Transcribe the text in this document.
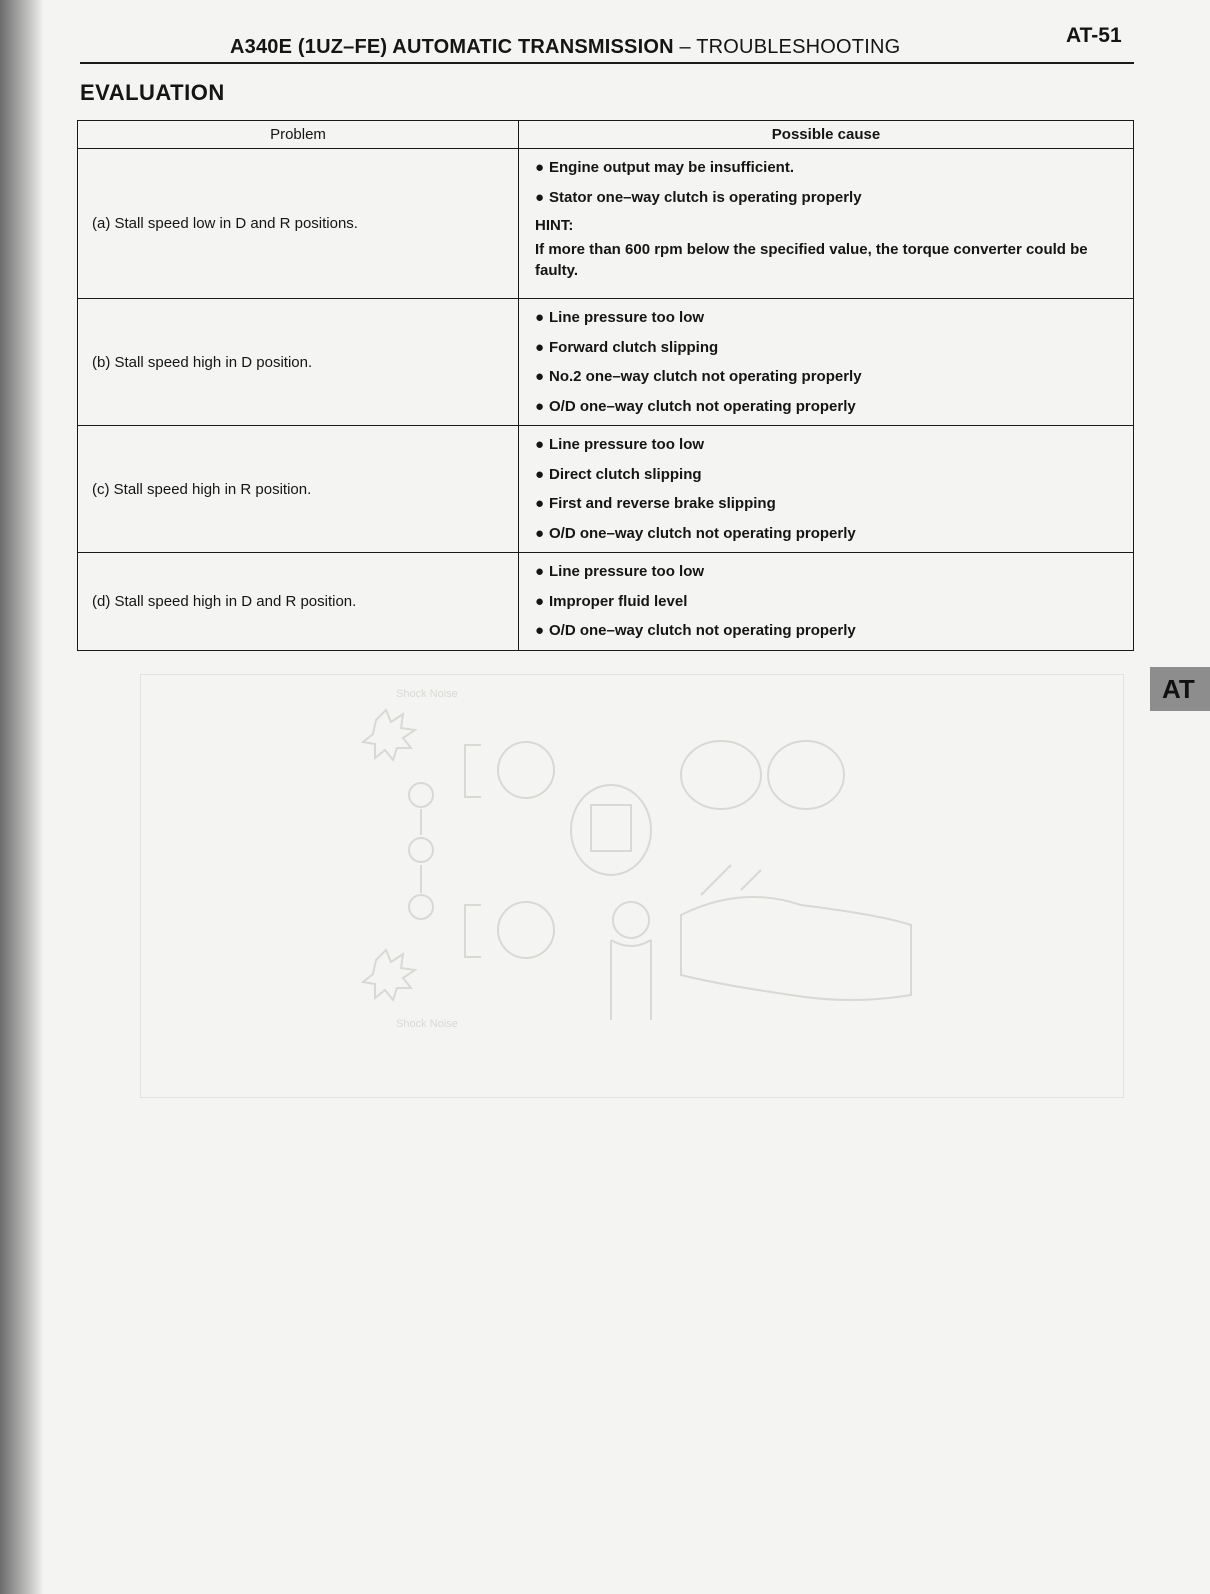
A340E (1UZ–FE) AUTOMATIC TRANSMISSION – TROUBLESHOOTING	AT-51
EVALUATION
Problem	Possible cause
(a) Stall speed low in D and R positions.	● Engine output may be insufficient.
● Stator one–way clutch is operating properly
HINT:
If more than 600 rpm below the specified value, the torque converter could be faulty.

(b) Stall speed high in D position.	● Line pressure too low
● Forward clutch slipping
● No.2 one–way clutch not operating properly
● O/D one–way clutch not operating properly

(c) Stall speed high in R position.	● Line pressure too low
● Direct clutch slipping
● First and reverse brake slipping
● O/D one–way clutch not operating properly

(d) Stall speed high in D and R position.	● Line pressure too low
● Improper fluid level
● O/D one–way clutch not operating properly
Shock Noise
Shock Noise
AT
